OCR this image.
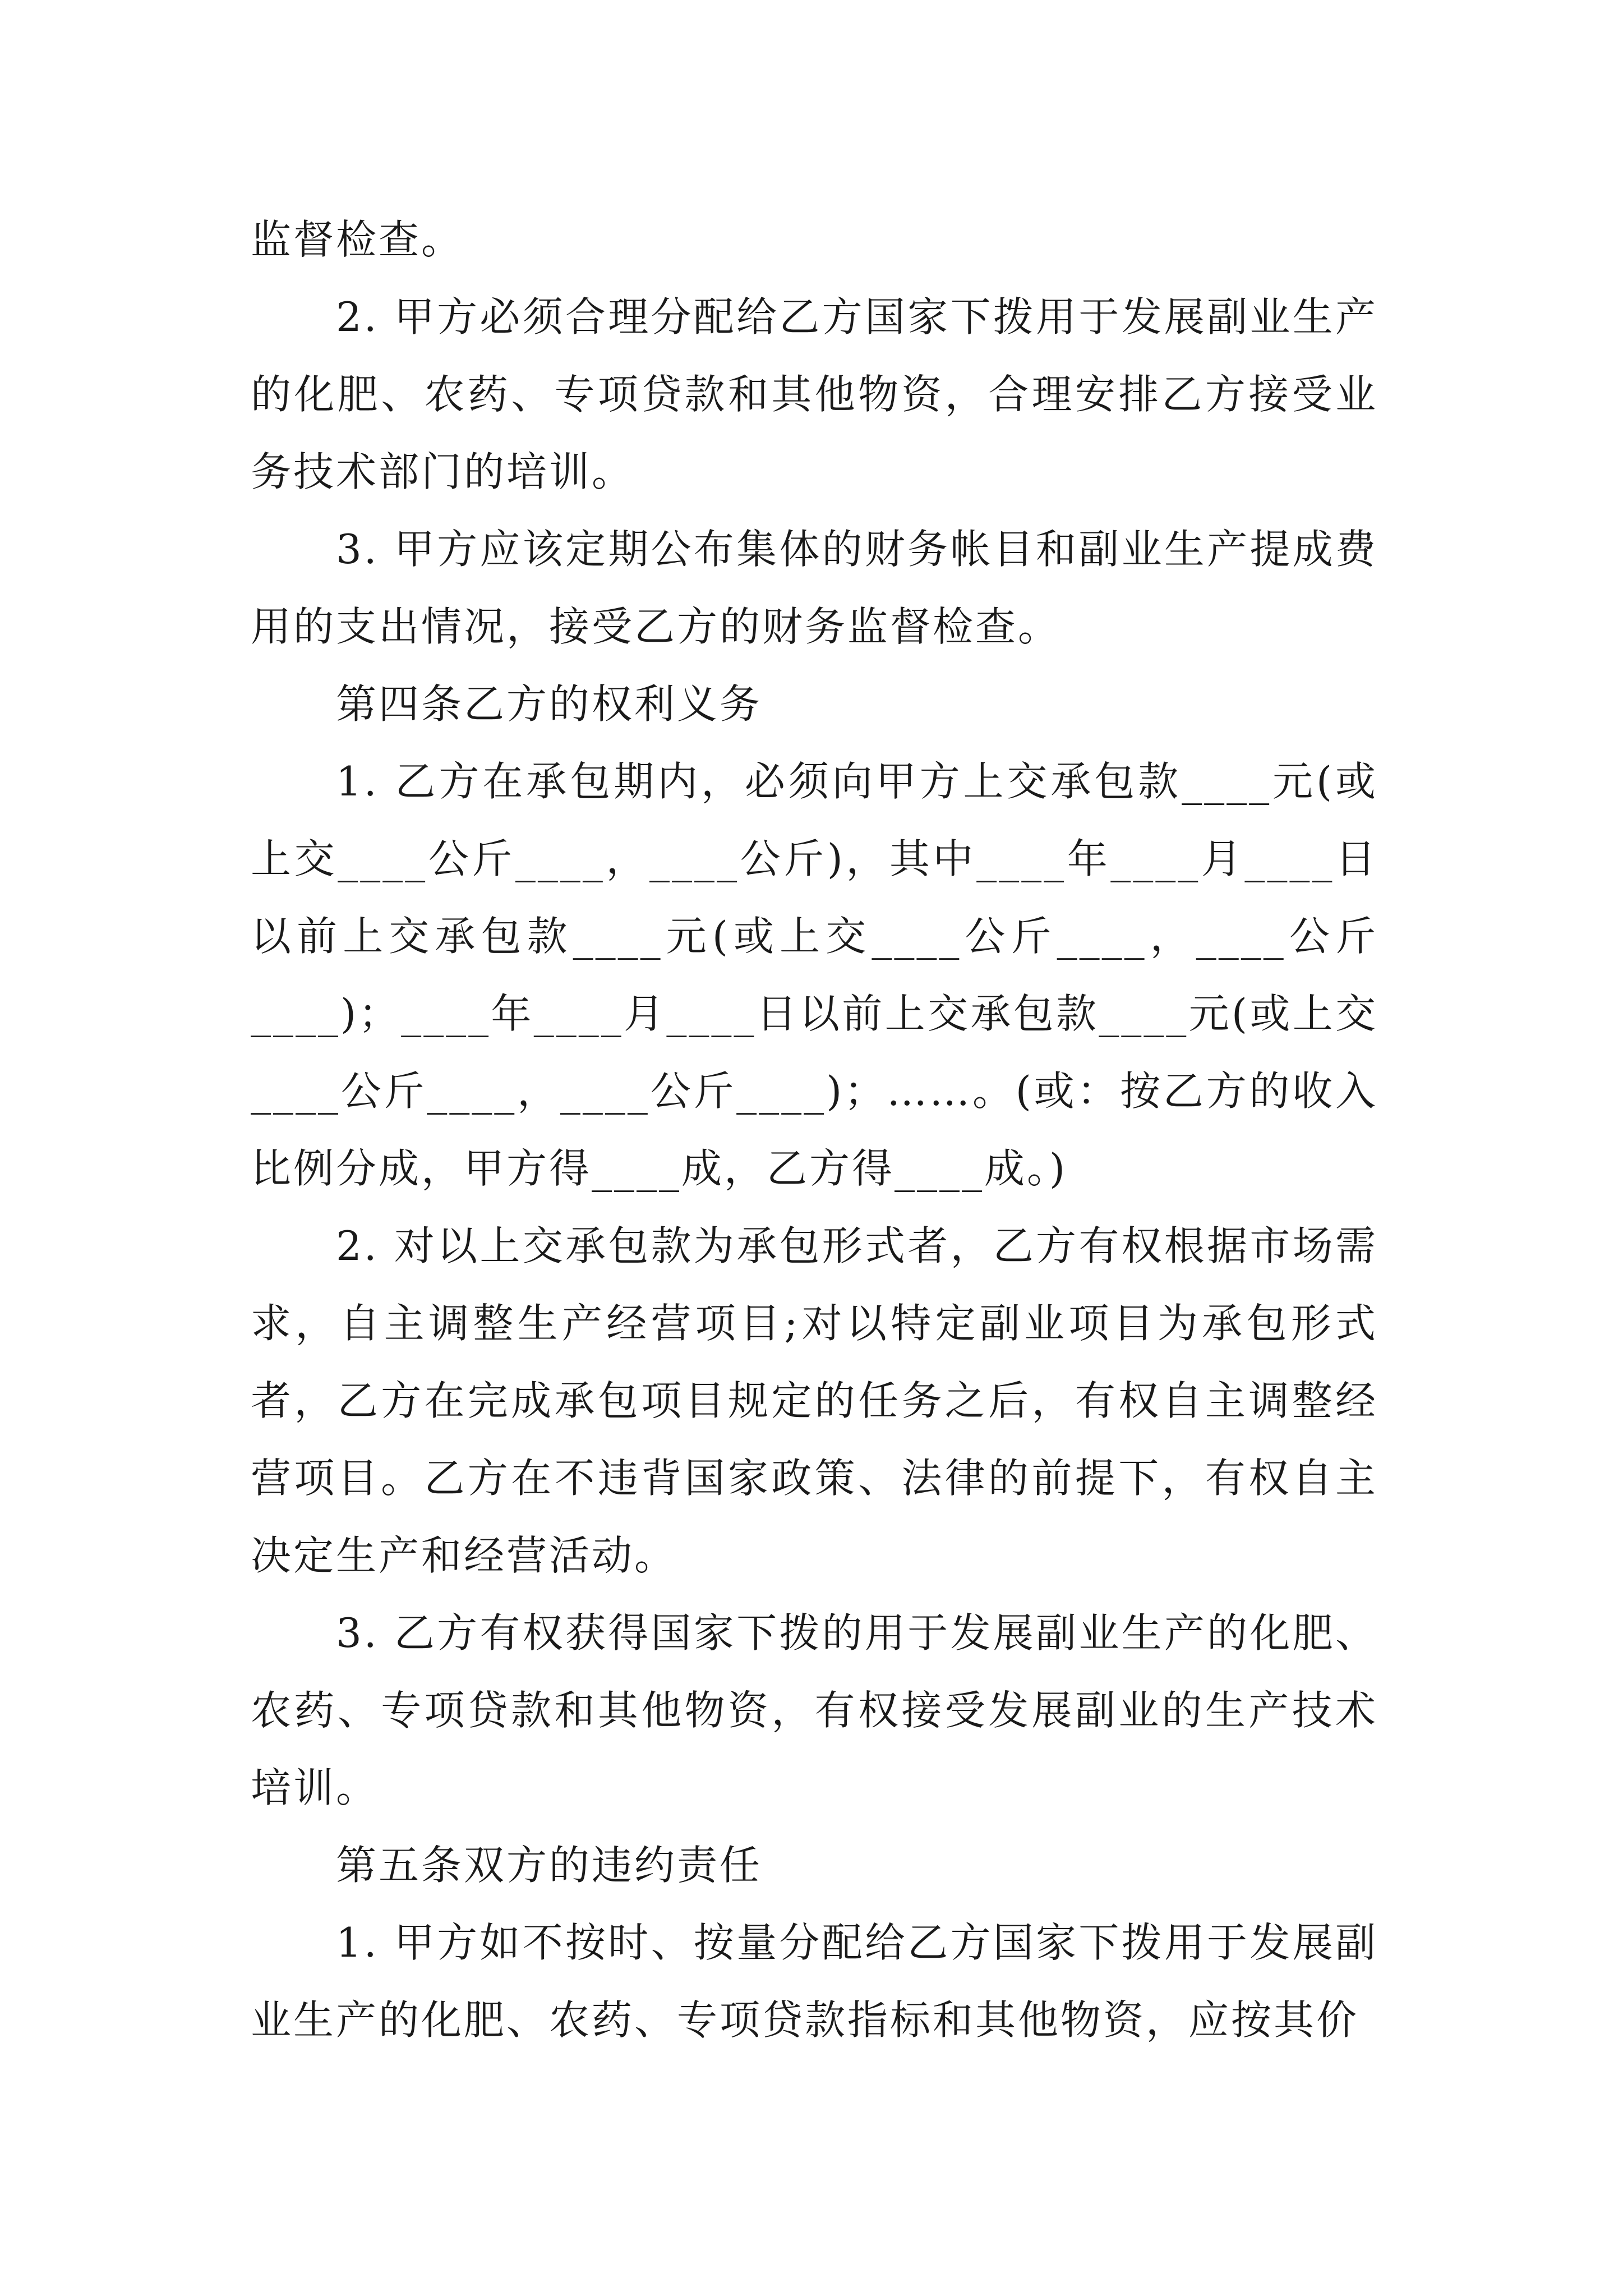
监督检查。

2. 甲方必须合理分配给乙方国家下拨用于发展副业生产的化肥、农药、专项贷款和其他物资，合理安排乙方接受业务技术部门的培训。

3. 甲方应该定期公布集体的财务帐目和副业生产提成费用的支出情况，接受乙方的财务监督检查。

第四条乙方的权利义务

1. 乙方在承包期内，必须向甲方上交承包款____元(或上交____公斤____，____公斤)，其中____年____月____日以前上交承包款____元(或上交____公斤____，____公斤____)；____年____月____日以前上交承包款____元(或上交____公斤____，____公斤____)；……。(或：按乙方的收入比例分成，甲方得____成，乙方得____成。)

2. 对以上交承包款为承包形式者，乙方有权根据市场需求，自主调整生产经营项目;对以特定副业项目为承包形式者，乙方在完成承包项目规定的任务之后，有权自主调整经营项目。乙方在不违背国家政策、法律的前提下，有权自主决定生产和经营活动。

3. 乙方有权获得国家下拨的用于发展副业生产的化肥、农药、专项贷款和其他物资，有权接受发展副业的生产技术培训。

第五条双方的违约责任

1. 甲方如不按时、按量分配给乙方国家下拨用于发展副业生产的化肥、农药、专项贷款指标和其他物资，应按其价
